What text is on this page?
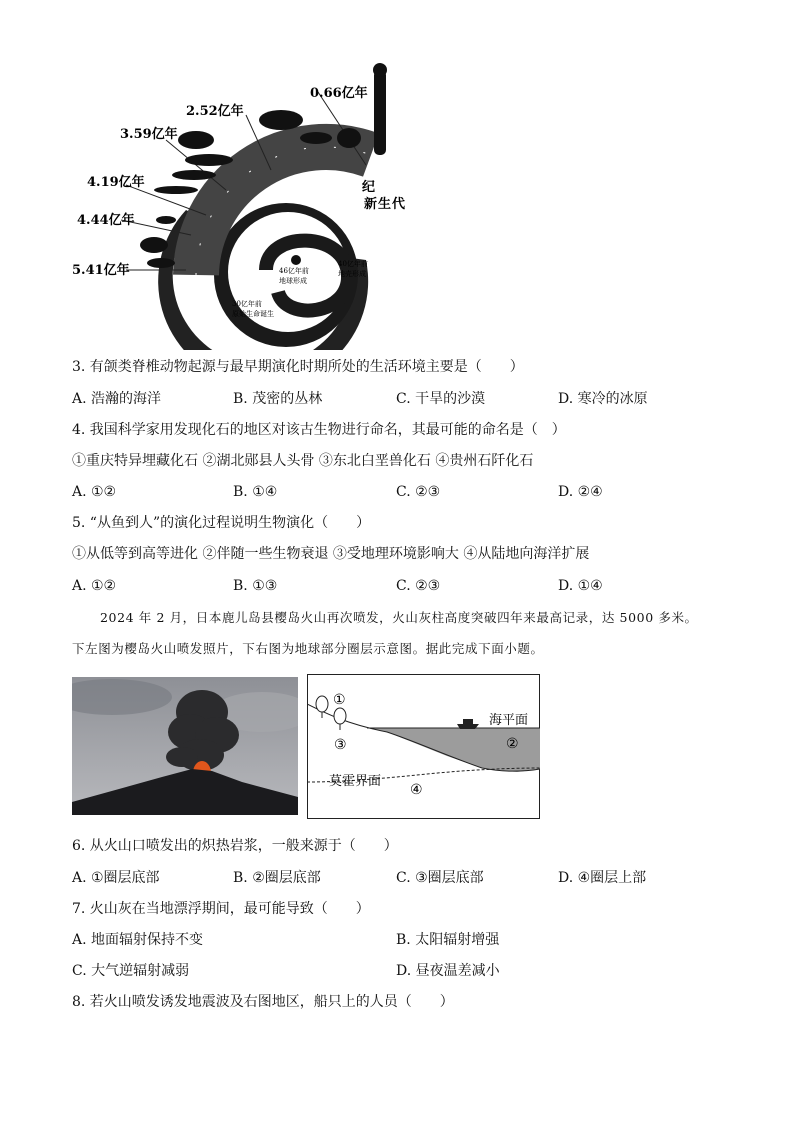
0.66亿年
2.52亿年
3.59亿年
4.19亿年
4.44亿年
5.41亿年
生
新
纪
代
46亿年前
地球形成
40亿年前
地壳形成
30亿年前
原始生命诞生
3. 有颌类脊椎动物起源与最早期演化时期所处的生活环境主要是（　　）
A. 浩瀚的海洋	B. 茂密的丛林	C. 干旱的沙漠	D. 寒冷的冰原
4. 我国科学家用发现化石的地区对该古生物进行命名，其最可能的命名是（　）
①重庆特异埋藏化石 ②湖北郧县人头骨 ③东北白垩兽化石 ④贵州石阡化石
A. ①②	B. ①④	C. ②③	D. ②④
5. “从鱼到人”的演化过程说明生物演化（　　）
①从低等到高等进化 ②伴随一些生物衰退 ③受地理环境影响大 ④从陆地向海洋扩展
A. ①②	B. ①③	C. ②③	D. ①④
2024 年 2 月，日本鹿儿岛县樱岛火山再次喷发，火山灰柱高度突破四年来最高记录，达 5000 多米。
下左图为樱岛火山喷发照片，下右图为地球部分圈层示意图。据此完成下面小题。
①
②
③
④
海平面
莫霍界面
6. 从火山口喷发出的炽热岩浆，一般来源于（　　）
A. ①圈层底部	B. ②圈层底部	C. ③圈层底部	D. ④圈层上部
7. 火山灰在当地漂浮期间，最可能导致（　　）
A. 地面辐射保持不变	B. 太阳辐射增强
C. 大气逆辐射减弱	D. 昼夜温差减小
8. 若火山喷发诱发地震波及右图地区，船只上的人员（　　）
